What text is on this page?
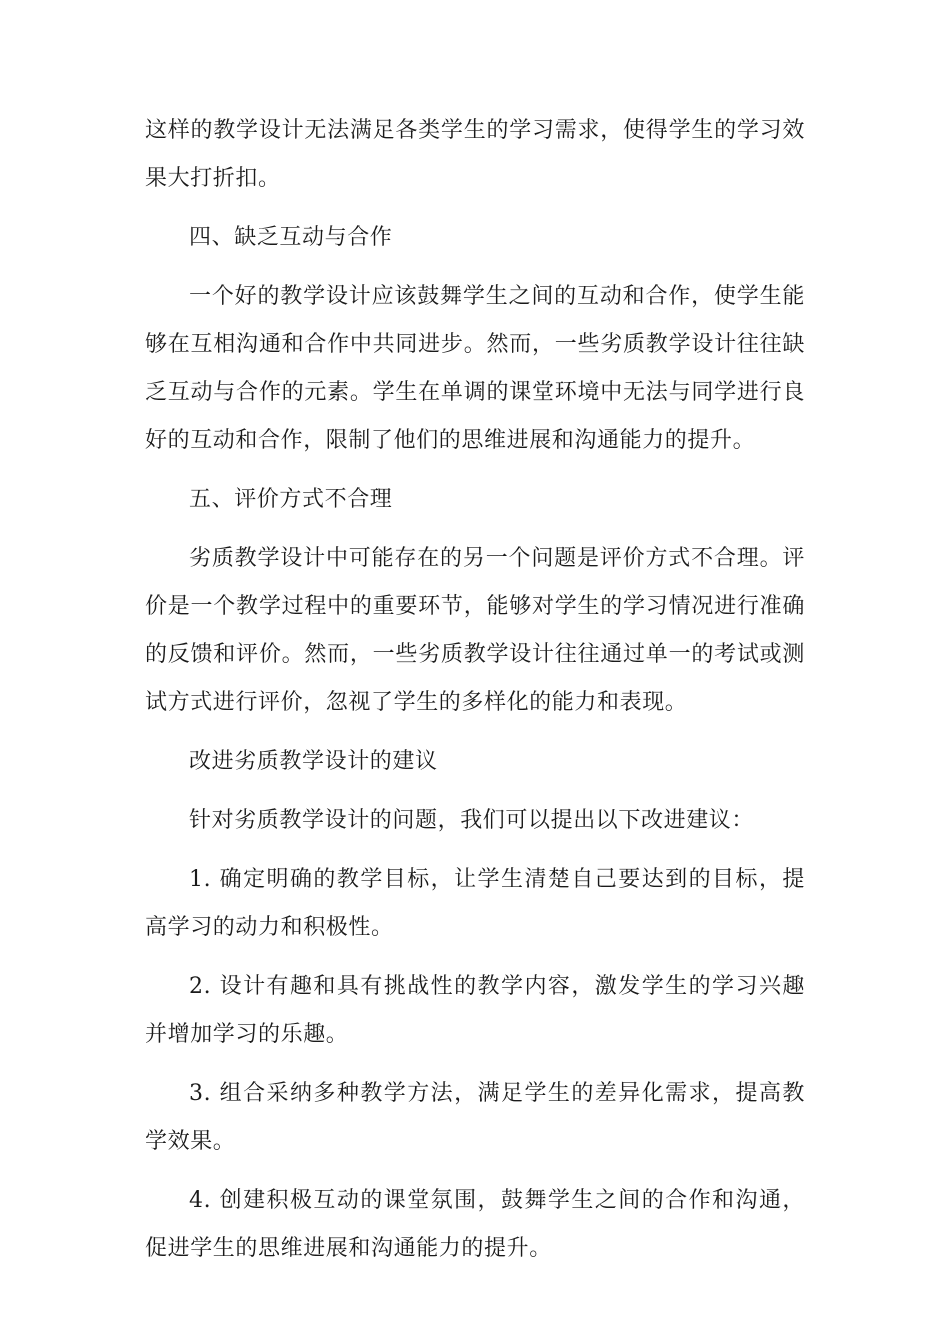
这样的教学设计无法满足各类学生的学习需求，使得学生的学习效果大打折扣。

四、缺乏互动与合作

一个好的教学设计应该鼓舞学生之间的互动和合作，使学生能够在互相沟通和合作中共同进步。然而，一些劣质教学设计往往缺乏互动与合作的元素。学生在单调的课堂环境中无法与同学进行良好的互动和合作，限制了他们的思维进展和沟通能力的提升。

五、评价方式不合理

劣质教学设计中可能存在的另一个问题是评价方式不合理。评价是一个教学过程中的重要环节，能够对学生的学习情况进行准确的反馈和评价。然而，一些劣质教学设计往往通过单一的考试或测试方式进行评价，忽视了学生的多样化的能力和表现。

改进劣质教学设计的建议

针对劣质教学设计的问题，我们可以提出以下改进建议：

1. 确定明确的教学目标，让学生清楚自己要达到的目标，提高学习的动力和积极性。

2. 设计有趣和具有挑战性的教学内容，激发学生的学习兴趣并增加学习的乐趣。

3. 组合采纳多种教学方法，满足学生的差异化需求，提高教学效果。

4. 创建积极互动的课堂氛围，鼓舞学生之间的合作和沟通，促进学生的思维进展和沟通能力的提升。
